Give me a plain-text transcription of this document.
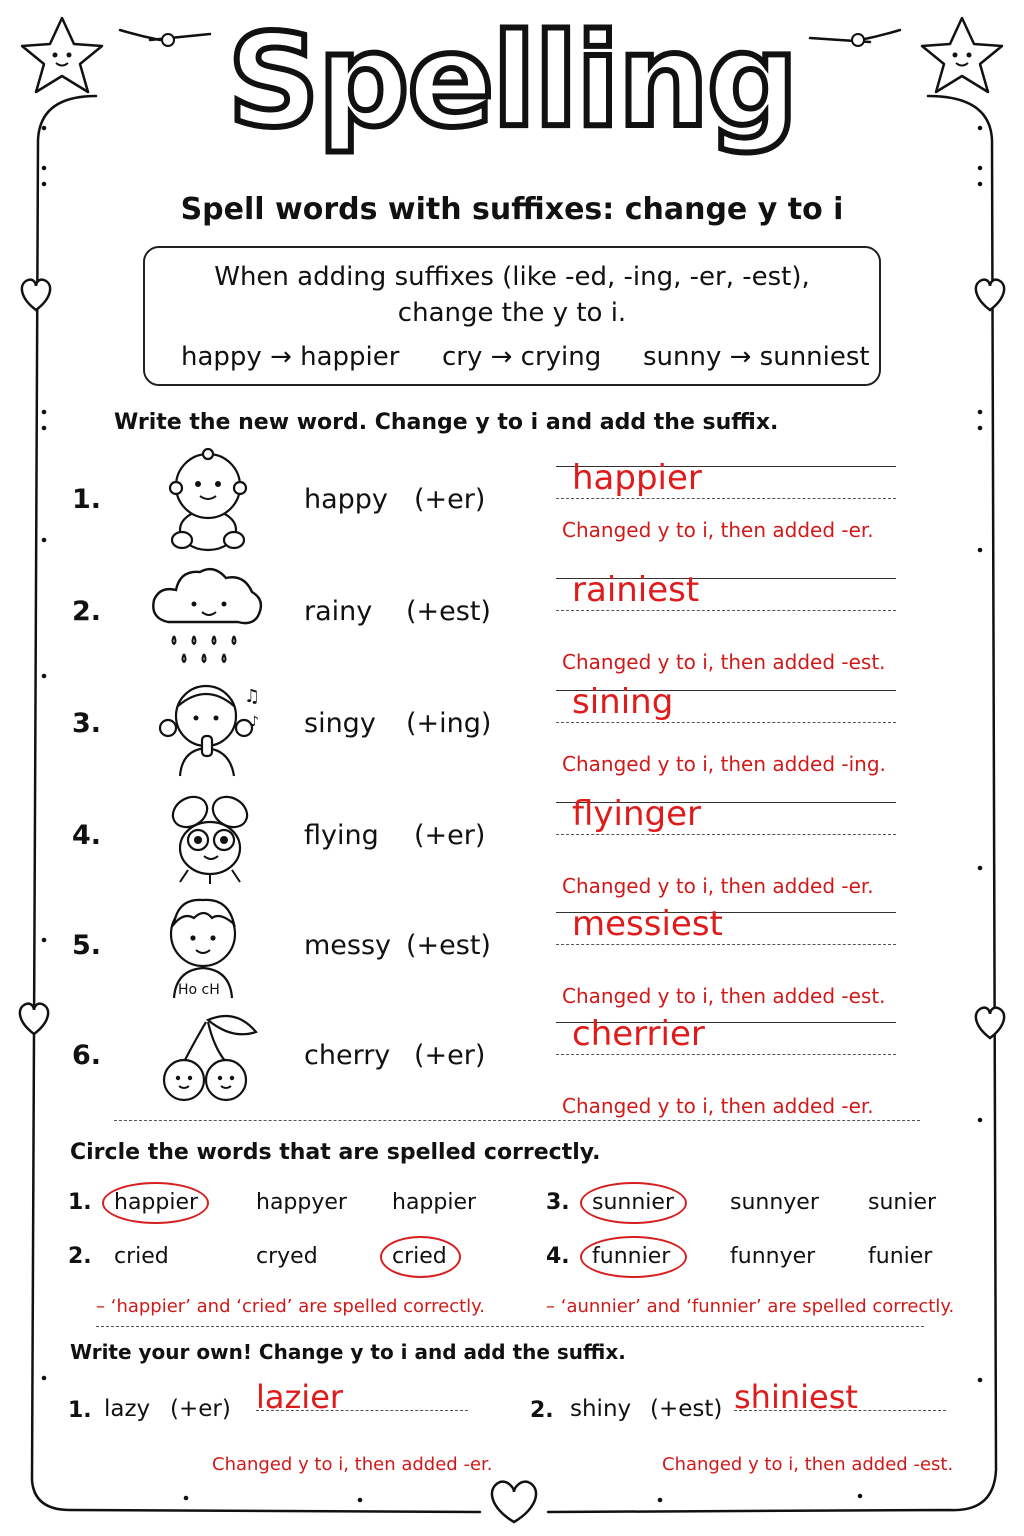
Spelling
Spell words with suffixes: change y to i
When adding suffixes (like -ed, -ing, -er, -est),
change the y to i.
happy → happier cry → crying sunny → sunniest
Write the new word. Change y to i and add the suffix.
1.	happy (+er)
happier
Changed y to i, then added -er.
2.	rainy (+est)
rainiest
Changed y to i, then added -est.
3.	singy (+ing)
sining
Changed y to i, then added -ing.
4.	flying (+er)
flyinger
Changed y to i, then added -er.
5.	messy (+est)
messiest
Changed y to i, then added -est.
6.	cherry (+er)
cherrier
Changed y to i, then added -er.
♫
♪
Ho cH
Circle the words that are spelled correctly.
1. happier	happyer happier
2. cried	cryed	cried
3. sunnier	sunnyer sunier
4. funnier	funnyer funier
– ‘happier’ and ‘cried’ are spelled correctly.	– ‘aunnier’ and ‘funnier’ are spelled correctly.
Write your own! Change y to i and add the suffix.
1. lazy (+er) lazier
Changed y to i, then added -er.
2. shiny (+est) shiniest
Changed y to i, then added -est.
